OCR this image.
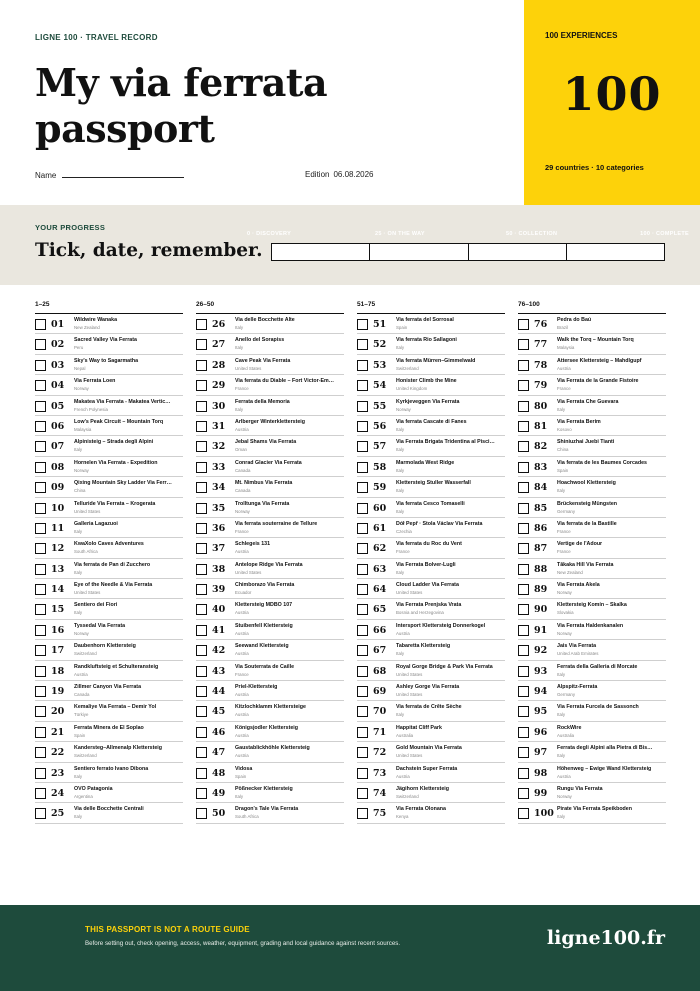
LIGNE 100 · TRAVEL RECORD
My via ferrata passport
Name	Edition 06.08.2026
100 EXPERIENCES
100
29 countries · 10 categories
YOUR PROGRESS
Tick, date, remember.
0 · DISCOVERY	25 · ON THE WAY	50 · COLLECTION	100 · COMPLETE
1–25
01	Wildwire Wanaka
New Zealand
02	Sacred Valley Via Ferrata
Peru
03	Sky's Way to Sagarmatha
Nepal
04	Via Ferrata Loen
Norway
05	Makatea Via Ferrata - Makatea Vertic…
French Polynesia
06	Low's Peak Circuit – Mountain Torq
Malaysia
07	Alpinisteig – Strada degli Alpini
Italy
08	Hornelen Via Ferrata - Expedition
Norway
09	Qixing Mountain Sky Ladder Via Ferr…
China
10	Telluride Via Ferrata – Krogerata
United States
11	Galleria Lagazuoi
Italy
12	KwaXolo Caves Adventures
South Africa
13	Via ferrata de Pan di Zucchero
Italy
14	Eye of the Needle & Via Ferrata
United States
15	Sentiero dei Fiori
Italy
16	Tyssedal Via Ferrata
Norway
17	Daubenhorn Klettersteig
Switzerland
18	Randkluftsteig et Schulteransteig
Austria
19	Zillmer Canyon Via Ferrata
Canada
20	Kemaliye Via Ferrata – Demir Yol
Türkiye
21	Ferrata Minera de El Soplao
Spain
22	Kandersteg–Allmenalp Klettersteig
Switzerland
23	Sentiero ferrato Ivano Dibona
Italy
24	OVO Patagonia
Argentina
25	Via delle Bocchette Centrali
Italy
26–50
26	Via delle Bocchette Alte
Italy
27	Anello del Sorapiss
Italy
28	Cave Peak Via Ferrata
United States
29	Via ferrata du Diable – Fort Victor-Em…
France
30	Ferrata della Memoria
Italy
31	Arlberger Winterklettersteig
Austria
32	Jebal Shams Via Ferrata
Oman
33	Conrad Glacier Via Ferrata
Canada
34	Mt. Nimbus Via Ferrata
Canada
35	Trolltunga Via Ferrata
Norway
36	Via ferrata souterraine de Tellure
France
37	Schlegeis 131
Austria
38	Antelope Ridge Via Ferrata
United States
39	Chimborazo Via Ferrata
Ecuador
40	Klettersteig MDBO 107
Austria
41	Stuibenfell Klettersteig
Austria
42	Seewand Klettersteig
Austria
43	Via Souterrata de Caille
France
44	Priel-Klettersteig
Austria
45	Kitzlochklamm Klettersteige
Austria
46	Königsjodler Klettersteig
Austria
47	Gaustablickhöhle Klettersteig
Austria
48	Vidosa
Spain
49	Pößnecker Klettersteig
Italy
50	Dragon's Tale Via Ferrata
South Africa
51–75
51	Via ferrata del Sorrosal
Spain
52	Via ferrata Rio Sallagoni
Italy
53	Via ferrata Mürren–Gimmelwald
Switzerland
54	Honister Climb the Mine
United Kingdom
55	Kyrkjeveggen Via Ferrata
Norway
56	Via ferrata Cascate di Fanes
Italy
57	Via Ferrata Brigata Tridentina al Pisci…
Italy
58	Marmolada West Ridge
Italy
59	Klettersteig Stuller Wasserfall
Italy
60	Via ferrata Cesco Tomaselli
Italy
61	Dół Pepř · Štola Václav Via Ferrata
Czechia
62	Via ferrata du Roc du Vent
France
63	Via Ferrata Bolver-Lugli
Italy
64	Cloud Ladder Via Ferrata
United States
65	Via Ferrata Prenjska Vrata
Bosnia and Herzegovina
66	Intersport Klettersteig Donnerkogel
Austria
67	Tabaretta Klettersteig
Italy
68	Royal Gorge Bridge & Park Via Ferrata
United States
69	Ashley Gorge Via Ferrata
United States
70	Via ferrata de Crête Sèche
Italy
71	Happitat Cliff Park
Australia
72	Gold Mountain Via Ferrata
United States
73	Dachstein Super Ferrata
Austria
74	Jägihorn Klettersteig
Switzerland
75	Via Ferrata Olonana
Kenya
76–100
76	Pedra do Baú
Brazil
77	Walk the Torq – Mountain Torq
Malaysia
78	Attersee Klettersteig – Mahdlgupf
Austria
79	Via Ferrata de la Grande Fistoire
France
80	Via Ferrata Che Guevara
Italy
81	Via Ferrata Berim
Kosovo
82	Shiniuzhai Juebi Tianti
China
83	Via ferrata de les Baumes Corcades
Spain
84	Hoachwool Klettersteig
Italy
85	Brückensteig Müngsten
Germany
86	Via ferrata de la Bastille
France
87	Vertige de l'Adour
France
88	Tākaka Hill Via Ferrata
New Zealand
89	Via Ferrata Akela
Norway
90	Klettersteig Komín – Skalka
Slovakia
91	Via Ferrata Haldenkanalen
Norway
92	Jais Via Ferrata
United Arab Emirates
93	Ferrata della Galleria di Morcate
Italy
94	Alpspitz-Ferrata
Germany
95	Via Ferrata Furcela de Sassonch
Italy
96	RockWire
Australia
97	Ferrata degli Alpini alla Pietra di Bis…
Italy
98	Höhenweg – Ewige Wand Klettersteig
Austria
99	Rungu Via Ferrata
Norway
100 Pirate Via Ferrata Speikboden
Italy
THIS PASSPORT IS NOT A ROUTE GUIDE
Before setting out, check opening, access, weather, equipment, grading and local guidance against recent sources.	ligne100.fr
